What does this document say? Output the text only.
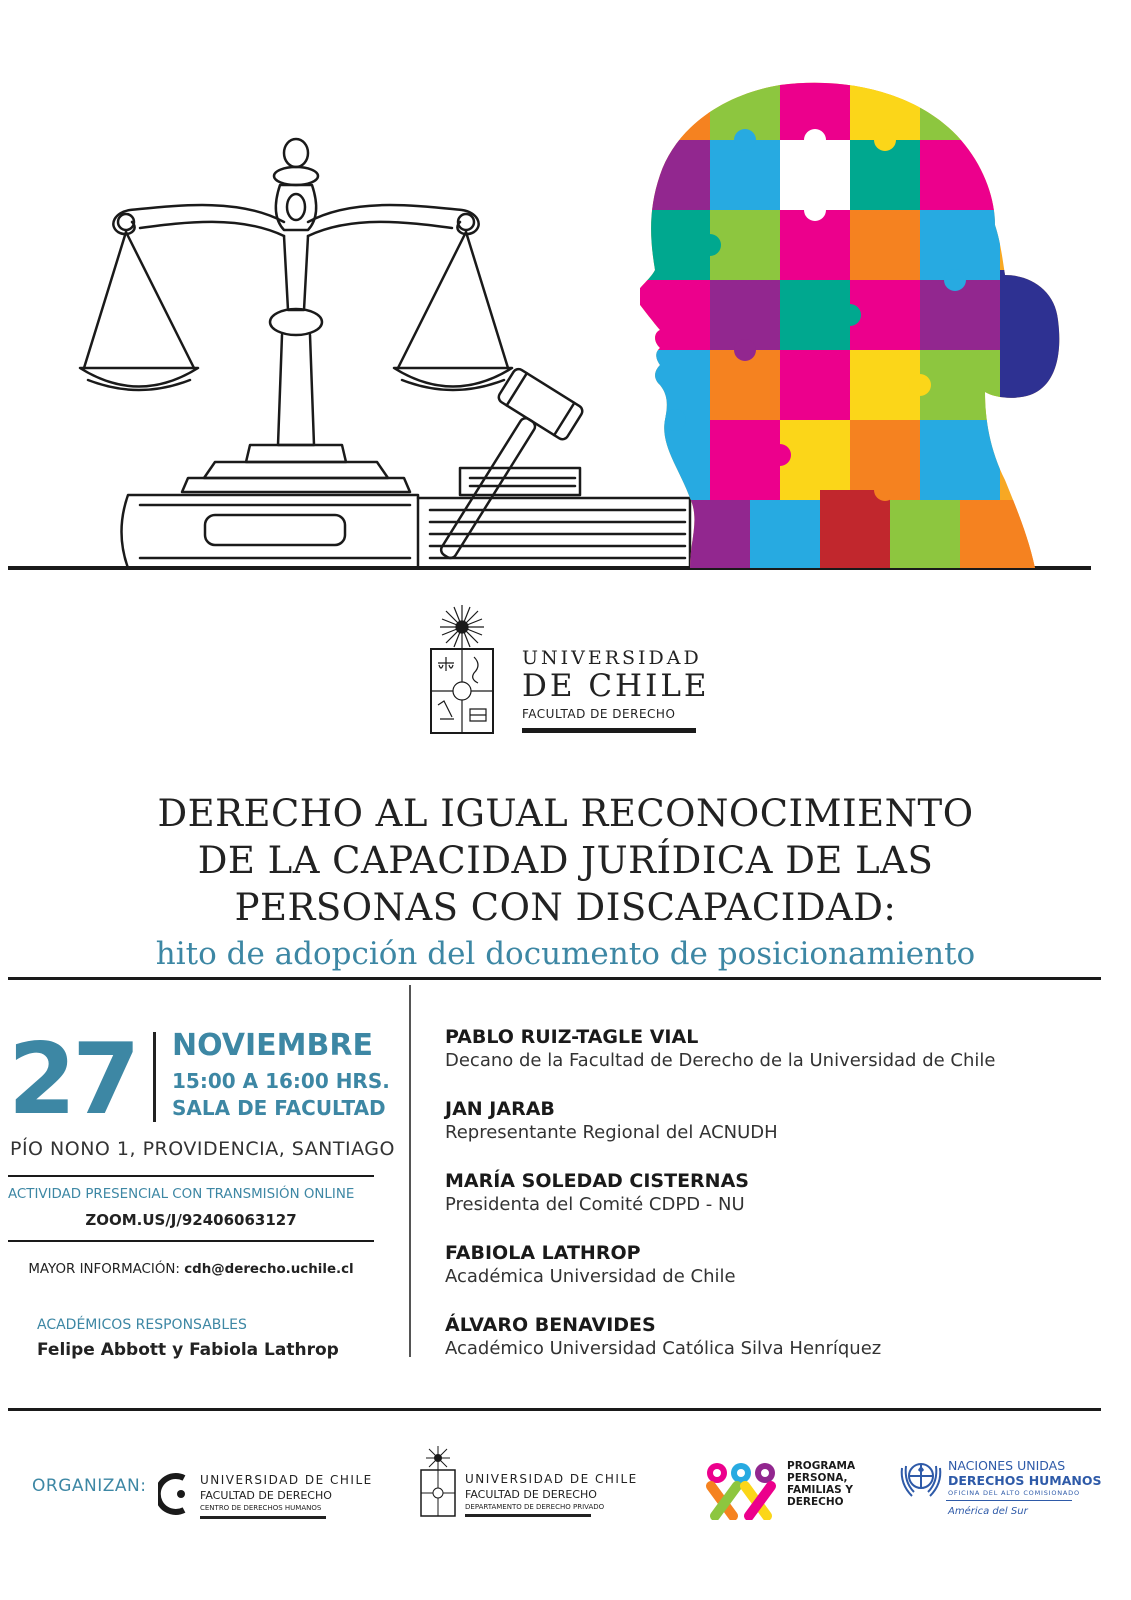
UNIVERSIDAD
DE CHILE
FACULTAD DE DERECHO
DERECHO AL IGUAL RECONOCIMIENTO
DE LA CAPACIDAD JURÍDICA DE LAS
PERSONAS CON DISCAPACIDAD:
hito de adopción del documento de posicionamiento
27 NOVIEMBRE
15:00 A 16:00 HRS.
SALA DE FACULTAD
PÍO NONO 1, PROVIDENCIA, SANTIAGO
ACTIVIDAD PRESENCIAL CON TRANSMISIÓN ONLINE
ZOOM.US/J/92406063127
MAYOR INFORMACIÓN: cdh@derecho.uchile.cl
ACADÉMICOS RESPONSABLES
Felipe Abbott y Fabiola Lathrop
PABLO RUIZ-TAGLE VIAL
Decano de la Facultad de Derecho de la Universidad de Chile
JAN JARAB
Representante Regional del ACNUDH
MARÍA SOLEDAD CISTERNAS
Presidenta del Comité CDPD - NU
FABIOLA LATHROP
Académica Universidad de Chile
ÁLVARO BENAVIDES
Académico Universidad Católica Silva Henríquez
ORGANIZAN:	UNIVERSIDAD DE CHILE
FACULTAD DE DERECHO
CENTRO DE DERECHOS HUMANOS
UNIVERSIDAD DE CHILE
FACULTAD DE DERECHO
DEPARTAMENTO DE DERECHO PRIVADO
PROGRAMA
PERSONA,
FAMILIAS Y
DERECHO
NACIONES UNIDAS
DERECHOS HUMANOS
OFICINA DEL ALTO COMISIONADO
América del Sur
